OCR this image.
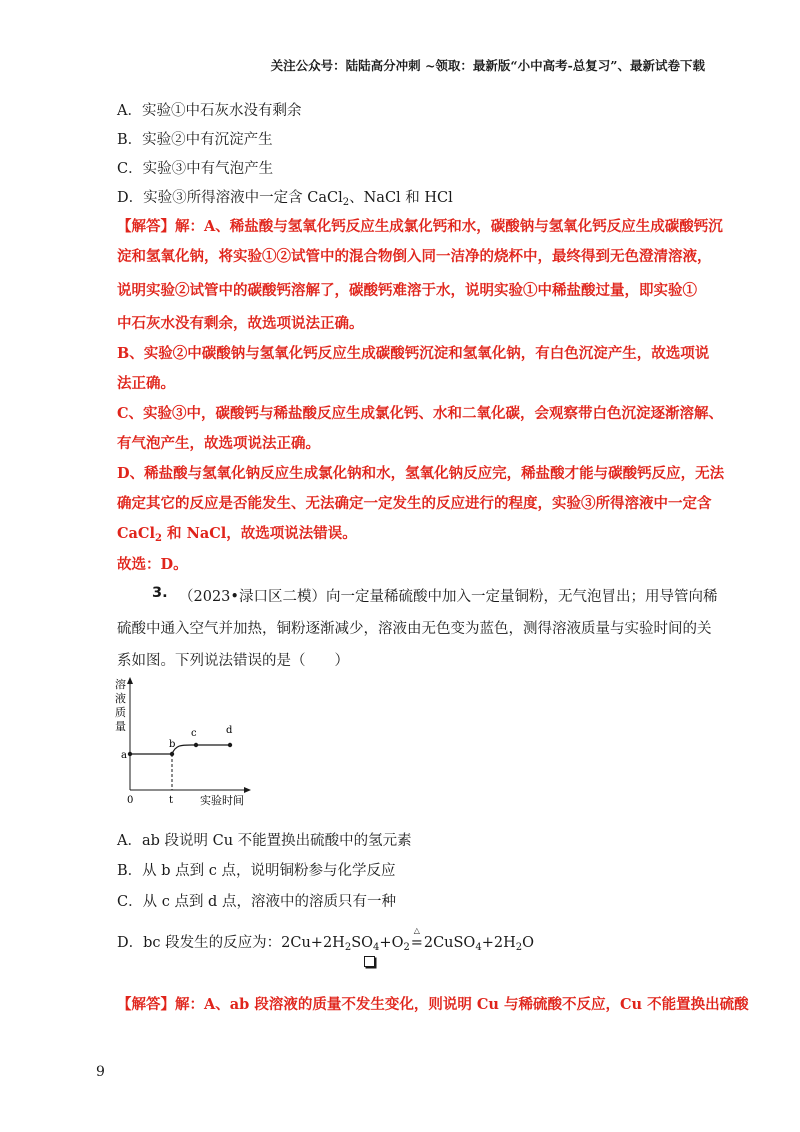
关注公众号：陆陆高分冲刺 ~领取：最新版“小中高考-总复习”、最新试卷下载
A．实验①中石灰水没有剩余
B．实验②中有沉淀产生
C．实验③中有气泡产生
D．实验③所得溶液中一定含 CaCl$_2$、NaCl 和 HCl
【解答】解：A、稀盐酸与氢氧化钙反应生成氯化钙和水，碳酸钠与氢氧化钙反应生成碳酸钙沉
淀和氢氧化钠，将实验①②试管中的混合物倒入同一洁净的烧杯中，最终得到无色澄清溶液，
说明实验②试管中的碳酸钙溶解了，碳酸钙难溶于水，说明实验①中稀盐酸过量，即实验①
中石灰水没有剩余，故选项说法正确。
B、实验②中碳酸钠与氢氧化钙反应生成碳酸钙沉淀和氢氧化钠，有白色沉淀产生，故选项说
法正确。
C、实验③中，碳酸钙与稀盐酸反应生成氯化钙、水和二氧化碳，会观察带白色沉淀逐渐溶解、
有气泡产生，故选项说法正确。
D、稀盐酸与氢氧化钠反应生成氯化钠和水，氢氧化钠反应完，稀盐酸才能与碳酸钙反应，无法
确定其它的反应是否能发生、无法确定一定发生的反应进行的程度，实验③所得溶液中一定含
CaCl$_2$ 和 NaCl，故选项说法错误。
故选：D。
3. （2023•渌口区二模）向一定量稀硫酸中加入一定量铜粉，无气泡冒出；用导管向稀
硫酸中通入空气并加热，铜粉逐渐减少，溶液由无色变为蓝色，测得溶液质量与实验时间的关
系如图。下列说法错误的是（　　）
溶
液
质
量
a
b
c	d
0	t 实验时间
A．ab 段说明 Cu 不能置换出硫酸中的氢元素
B．从 b 点到 c 点，说明铜粉参与化学反应
C．从 c 点到 d 点，溶液中的溶质只有一种
D．bc 段发生的反应为：$2Cu+2H_2SO_4+O_2$
△
$=2CuSO_4+2H_2O$
【解答】解：A、ab 段溶液的质量不发生变化，则说明 Cu 与稀硫酸不反应，Cu 不能置换出硫酸
9
